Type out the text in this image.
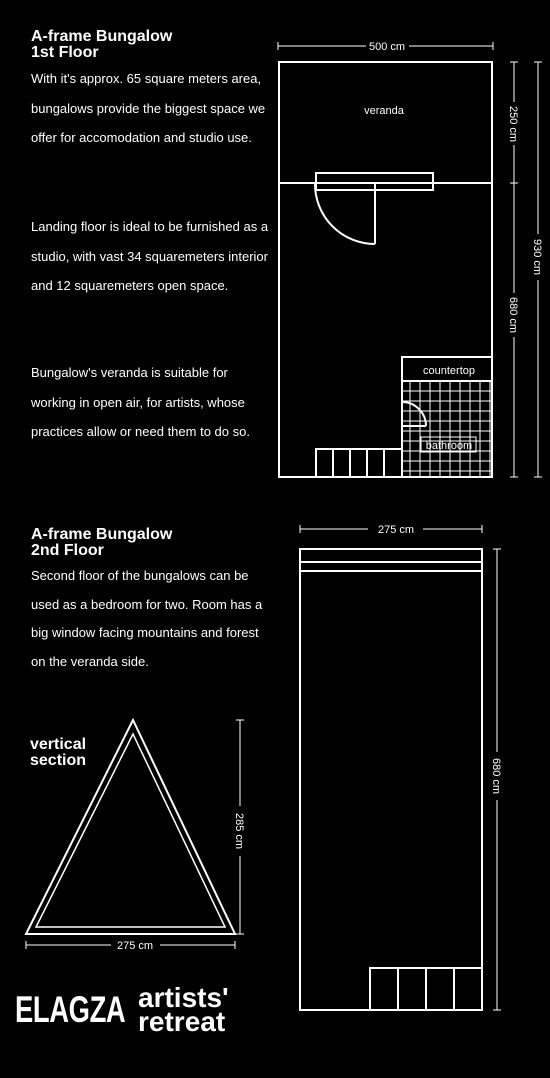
A-frame Bungalow
1st Floor
With it's approx. 65 square meters area, bungalows provide the biggest space we offer for accomodation and studio use.
Landing floor is ideal to be furnished as a studio, with vast 34 squaremeters interior and 12 squaremeters open space.
Bungalow's veranda is suitable for working in open air, for artists, whose practices allow or need them to do so.
A-frame Bungalow
2nd Floor
Second floor of the bungalows can be used as a bedroom for two. Room has a big window facing mountains and forest on the veranda side.
vertical
section
ELAGZA artists'
retreat
500 cm
veranda
countertop
bathroom
250 cm
680 cm
930 cm
275 cm
680 cm
285 cm
275 cm
